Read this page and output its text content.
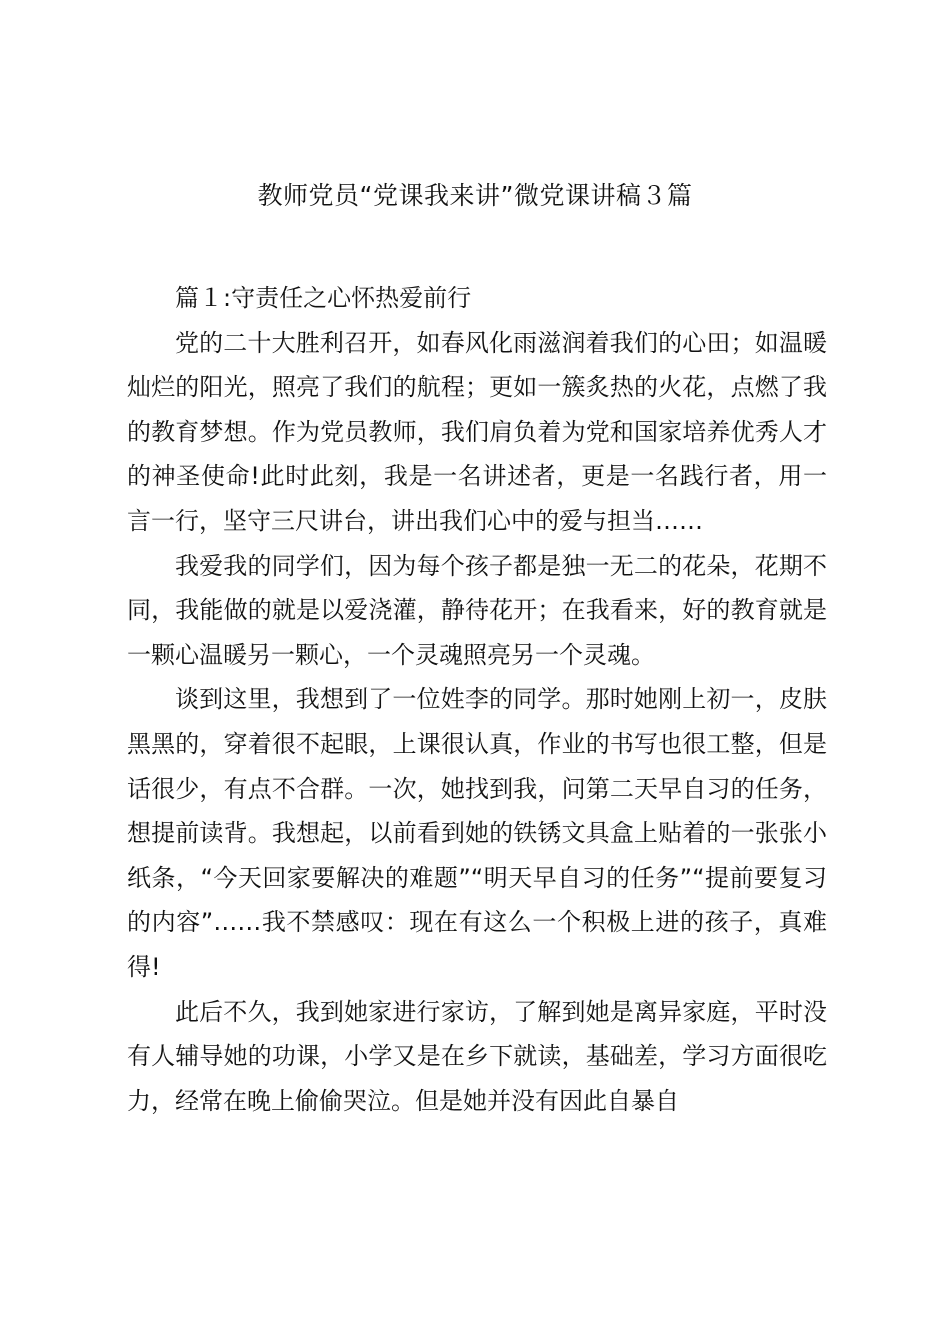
教师党员“党课我来讲”微党课讲稿３篇

篇１:守责任之心怀热爱前行

党的二十大胜利召开，如春风化雨滋润着我们的心田；如温暖灿烂的阳光，照亮了我们的航程；更如一簇炙热的火花，点燃了我的教育梦想。作为党员教师，我们肩负着为党和国家培养优秀人才的神圣使命!此时此刻，我是一名讲述者，更是一名践行者，用一言一行，坚守三尺讲台，讲出我们心中的爱与担当……

我爱我的同学们，因为每个孩子都是独一无二的花朵，花期不同，我能做的就是以爱浇灌，静待花开；在我看来，好的教育就是一颗心温暖另一颗心，一个灵魂照亮另一个灵魂。

谈到这里，我想到了一位姓李的同学。那时她刚上初一，皮肤黑黑的，穿着很不起眼，上课很认真，作业的书写也很工整，但是话很少，有点不合群。一次，她找到我，问第二天早自习的任务，想提前读背。我想起，以前看到她的铁锈文具盒上贴着的一张张小纸条，“今天回家要解决的难题”“明天早自习的任务”“提前要复习的内容”……我不禁感叹：现在有这么一个积极上进的孩子，真难得!

此后不久，我到她家进行家访，了解到她是离异家庭，平时没有人辅导她的功课，小学又是在乡下就读，基础差，学习方面很吃力，经常在晚上偷偷哭泣。但是她并没有因此自暴自
